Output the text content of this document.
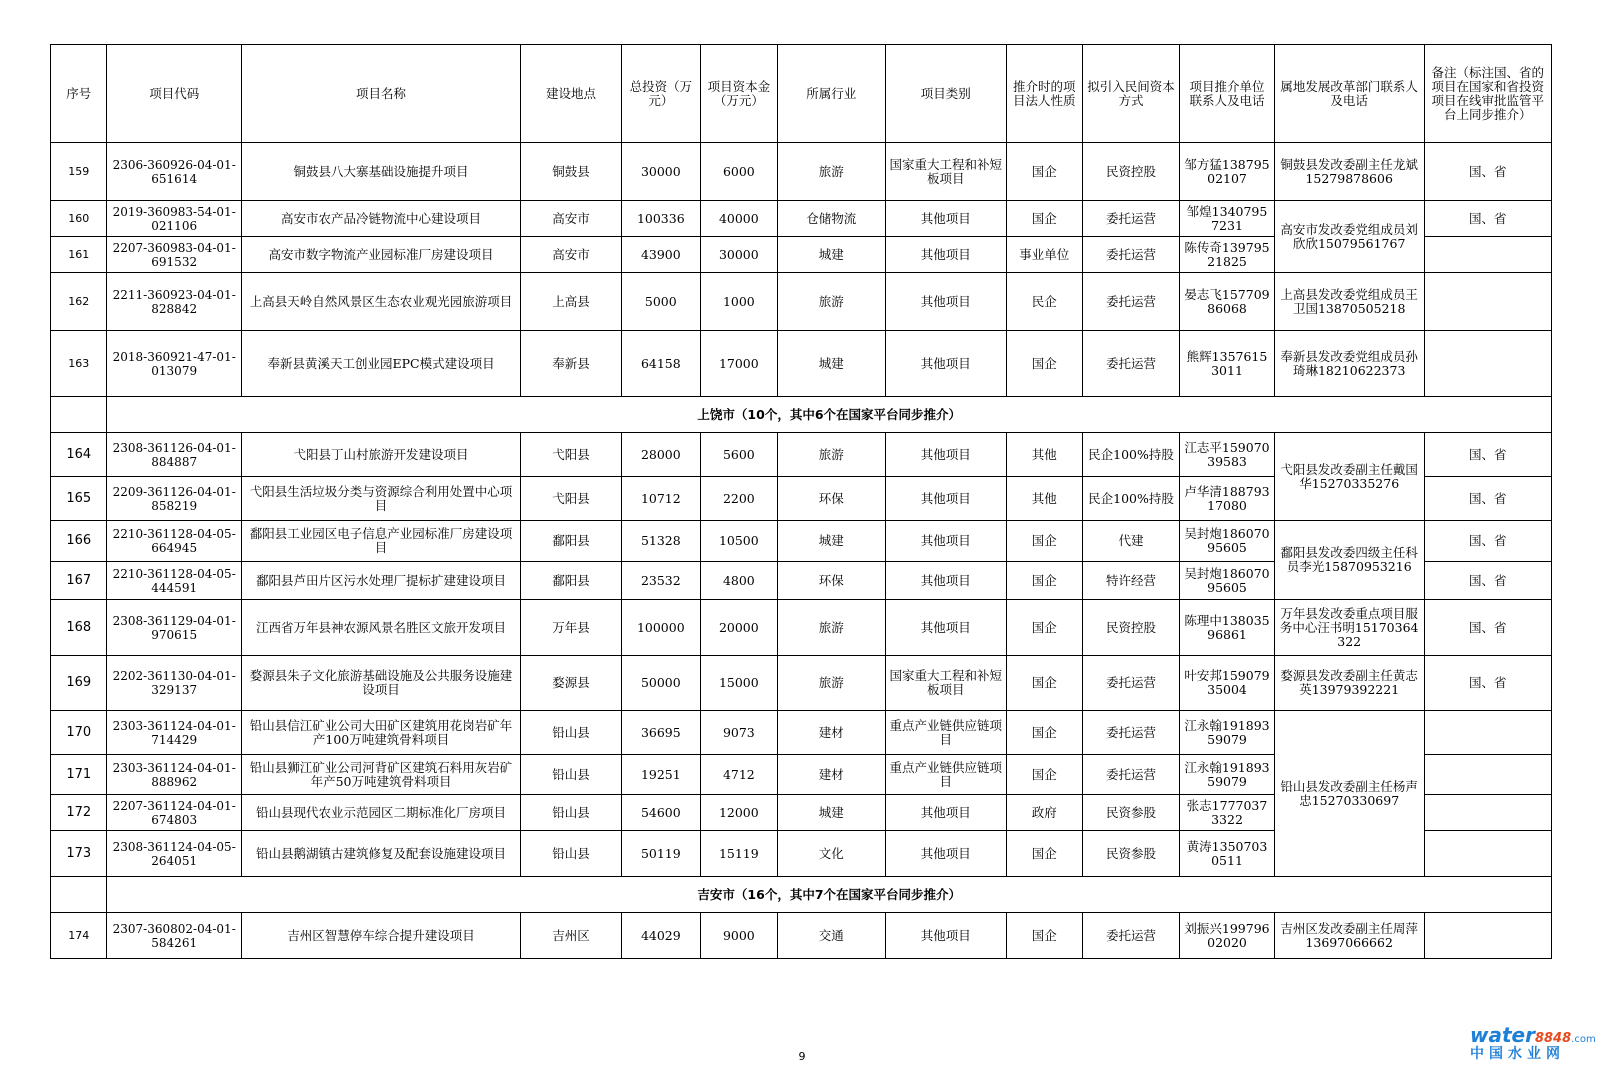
序号	项目代码	项目名称	建设地点	总投资（万元）	项目资本金（万元）	所属行业	项目类别	推介时的项目法人性质	拟引入民间资本方式	项目推介单位联系人及电话	属地发展改革部门联系人及电话	备注（标注国、省的项目在国家和省投资项目在线审批监管平台上同步推介）
159	2306-360926-04-01-651614	铜鼓县八大寨基础设施提升项目	铜鼓县	30000	6000	旅游	国家重大工程和补短板项目	国企	民资控股	邹方猛13879502107	铜鼓县发改委副主任龙斌15279878606	国、省
160	2019-360983-54-01-021106	高安市农产品冷链物流中心建设项目	高安市	100336	40000	仓储物流	其他项目	国企	委托运营	邹煌13407957231	高安市发改委党组成员刘欣欣15079561767	国、省
161	2207-360983-04-01-691532	高安市数字物流产业园标准厂房建设项目	高安市	43900	30000	城建	其他项目	事业单位	委托运营	陈传奇13979521825		
162	2211-360923-04-01-828842	上高县天岭自然风景区生态农业观光园旅游项目	上高县	5000	1000	旅游	其他项目	民企	委托运营	晏志飞15770986068	上高县发改委党组成员王卫国13870505218	
163	2018-360921-47-01-013079	奉新县黄溪天工创业园EPC模式建设项目	奉新县	64158	17000	城建	其他项目	国企	委托运营	熊辉13576153011	奉新县发改委党组成员孙琦琳18210622373	
	上饶市（10个，其中6个在国家平台同步推介）											
164	2308-361126-04-01-884887	弋阳县丁山村旅游开发建设项目	弋阳县	28000	5600	旅游	其他项目	其他	民企100%持股	江志平15907039583	弋阳县发改委副主任戴国华15270335276	国、省
165	2209-361126-04-01-858219	弋阳县生活垃圾分类与资源综合利用处置中心项目	弋阳县	10712	2200	环保	其他项目	其他	民企100%持股	卢华清18879317080		国、省
166	2210-361128-04-05-664945	鄱阳县工业园区电子信息产业园标准厂房建设项目	鄱阳县	51328	10500	城建	其他项目	国企	代建	吴封炮18607095605	鄱阳县发改委四级主任科员李光15870953216	国、省
167	2210-361128-04-05-444591	鄱阳县芦田片区污水处理厂提标扩建建设项目	鄱阳县	23532	4800	环保	其他项目	国企	特许经营	吴封炮18607095605		国、省
168	2308-361129-04-01-970615	江西省万年县神农源风景名胜区文旅开发项目	万年县	100000	20000	旅游	其他项目	国企	民资控股	陈理中13803596861	万年县发改委重点项目服务中心汪书明15170364322	国、省
169	2202-361130-04-01-329137	婺源县朱子文化旅游基础设施及公共服务设施建设项目	婺源县	50000	15000	旅游	国家重大工程和补短板项目	国企	委托运营	叶安邦15907935004	婺源县发改委副主任黄志英13979392221	国、省
170	2303-361124-04-01-714429	铅山县信江矿业公司大田矿区建筑用花岗岩矿年产100万吨建筑骨料项目	铅山县	36695	9073	建材	重点产业链供应链项目	国企	委托运营	江永翰19189359079	铅山县发改委副主任杨声忠15270330697	
171	2303-361124-04-01-888962	铅山县狮江矿业公司河背矿区建筑石料用灰岩矿年产50万吨建筑骨料项目	铅山县	19251	4712	建材	重点产业链供应链项目	国企	委托运营	江永翰19189359079		
172	2207-361124-04-01-674803	铅山县现代农业示范园区二期标准化厂房项目	铅山县	54600	12000	城建	其他项目	政府	民资参股	张志17770373322		
173	2308-361124-04-05-264051	铅山县鹅湖镇古建筑修复及配套设施建设项目	铅山县	50119	15119	文化	其他项目	国企	民资参股	黄涛13507030511		
	吉安市（16个，其中7个在国家平台同步推介）											
174	2307-360802-04-01-584261	吉州区智慧停车综合提升建设项目	吉州区	44029	9000	交通	其他项目	国企	委托运营	刘振兴19979602020	吉州区发改委副主任周萍13697066662	
9
water8848.com
中国水业网
